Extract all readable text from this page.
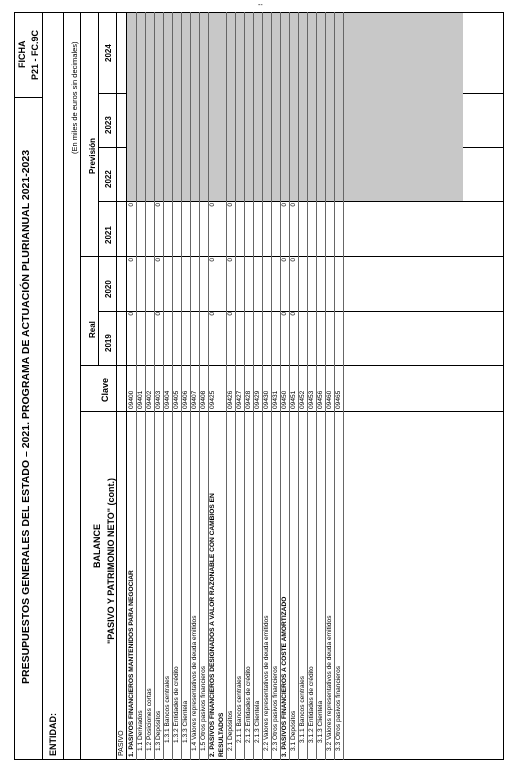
PRESUPUESTOS GENERALES DEL ESTADO – 2021. PROGRAMA DE ACTUACIÓN PLURIANUAL 2021-2023
FICHA P21 - FC.9C
ENTIDAD:
(En miles de euros sin decimales)
BALANCE "PASIVO Y PATRIMONIO NETO" (cont.)
Clave
Real
Previsión
2019
2020
2021
2022
2023
2024
PASIVO 1. PASIVOS FINANCIEROS MANTENIDOS PARA NEGOCIAR
09400
0
0
0
1.1 Derivados
09401
1.2 Posiciones cortas
09402
1.3 Depósitos
09403
0
0
0
1.3.1 Bancos centrales
09404
1.3.2 Entidades de crédito
09405
1.3.3 Clientela
09406
1.4 Valores representativos de deuda emitidos
09407
1.5 Otros pasivos financieros
09408
2. PASIVOS FINANCIEROS DESIGNADOS A VALOR RAZONABLE CON CAMBIOS EN RESULTADOS
09425
0
0
0
2.1 Depósitos
09426
0
0
0
2.1.1 Bancos centrales
09427
2.1.2 Entidades de crédito
09428
2.1.3 Clientela
09429
2.2 Valores representativos de deuda emitidos
09430
2.3 Otros pasivos financieros
09431
3. PASIVOS FINANCIEROS A COSTE AMORTIZADO
09450
0
0
0
3.1 Depósitos
09451
0
0
0
3.1.1 Bancos centrales
09452
3.1.2 Entidades de crédito
09453
3.1.3 Clientela
09456
3.2 Valores representativos de deuda emitidos
09460
3.3 Otros pasivos financieros
09465
--
